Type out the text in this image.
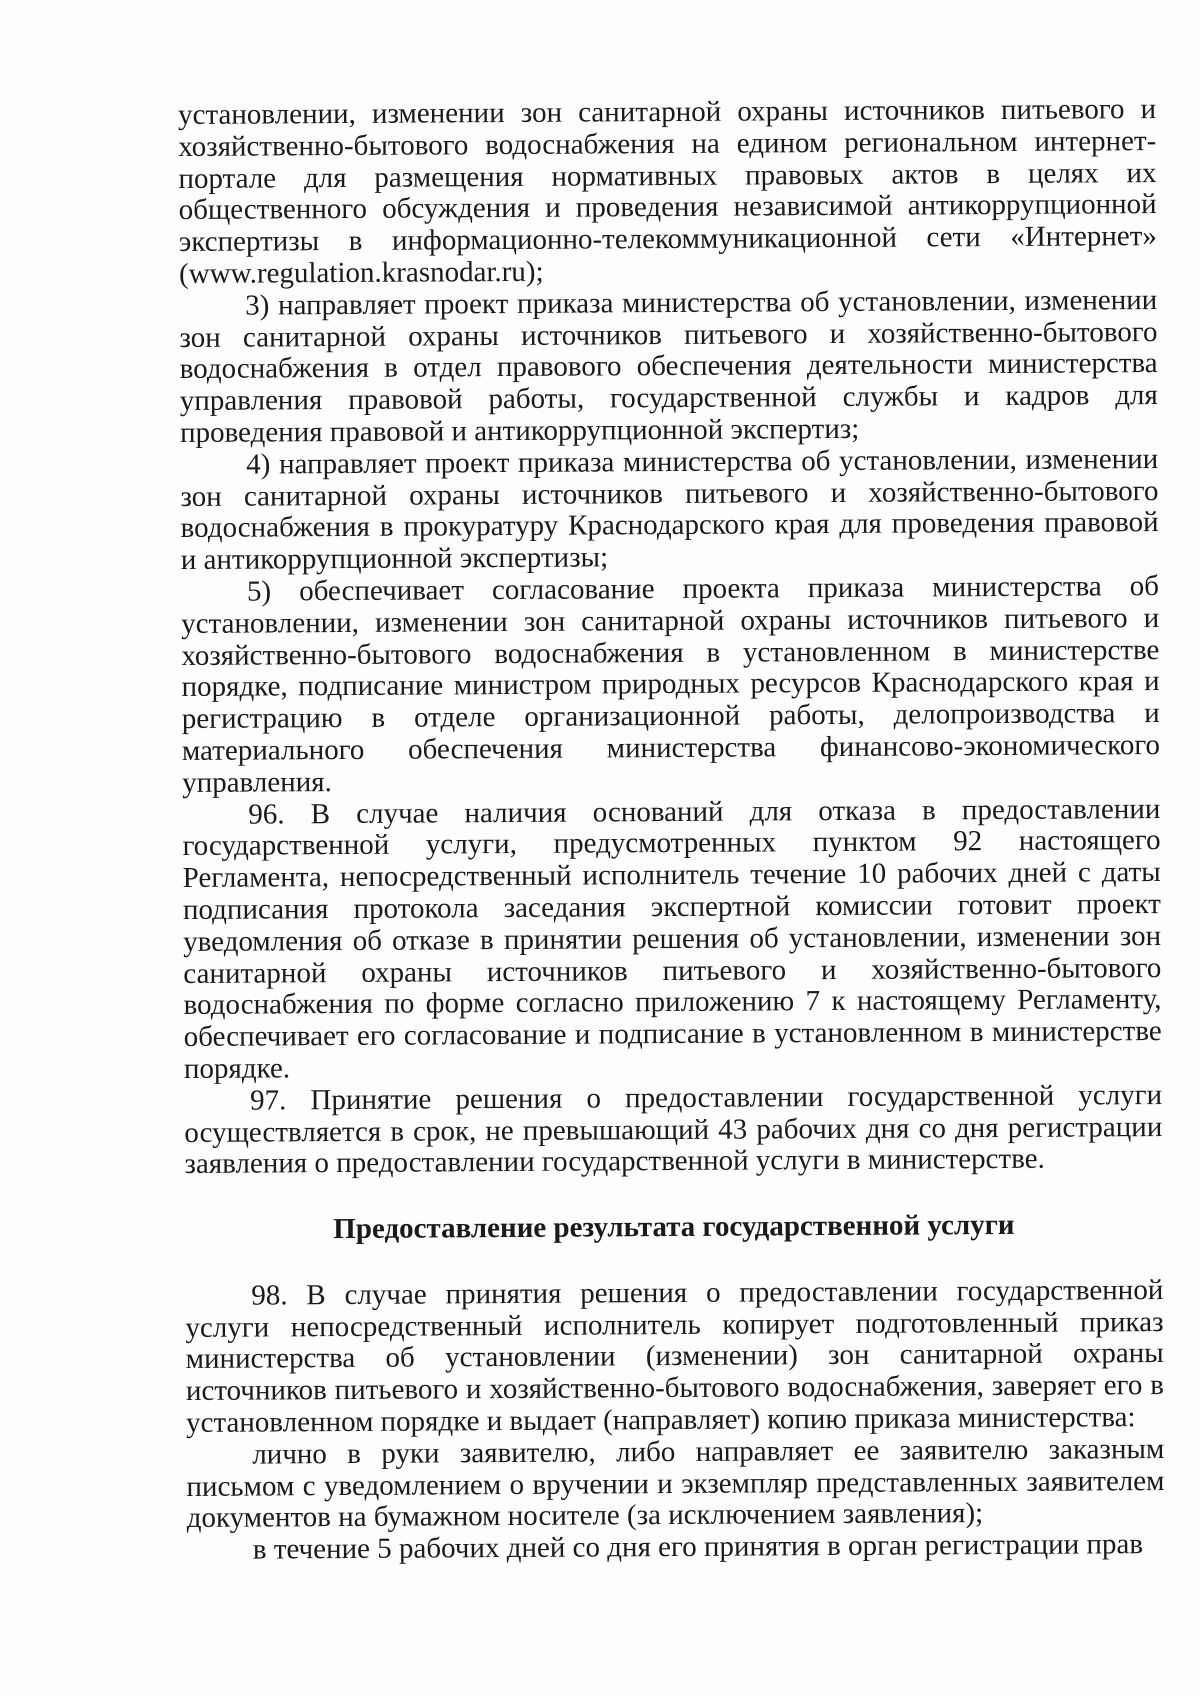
установлении, изменении зон санитарной охраны источников питьевого и хозяйственно-бытового водоснабжения на едином региональном интернет-портале для размещения нормативных правовых актов в целях их общественного обсуждения и проведения независимой антикоррупционной экспертизы в информационно-телекоммуникационной сети «Интернет» (www.regulation.krasnodar.ru);

3) направляет проект приказа министерства об установлении, изменении зон санитарной охраны источников питьевого и хозяйственно-бытового водоснабжения в отдел правового обеспечения деятельности министерства управления правовой работы, государственной службы и кадров для проведения правовой и антикоррупционной экспертиз;

4) направляет проект приказа министерства об установлении, изменении зон санитарной охраны источников питьевого и хозяйственно-бытового водоснабжения в прокуратуру Краснодарского края для проведения правовой и антикоррупционной экспертизы;

5) обеспечивает согласование проекта приказа министерства об установлении, изменении зон санитарной охраны источников питьевого и хозяйственно-бытового водоснабжения в установленном в министерстве порядке, подписание министром природных ресурсов Краснодарского края и регистрацию в отделе организационной работы, делопроизводства и материального обеспечения министерства финансово-экономического управления.

96. В случае наличия оснований для отказа в предоставлении государственной услуги, предусмотренных пунктом 92 настоящего Регламента, непосредственный исполнитель течение 10 рабочих дней с даты подписания протокола заседания экспертной комиссии готовит проект уведомления об отказе в принятии решения об установлении, изменении зон санитарной охраны источников питьевого и хозяйственно-бытового водоснабжения по форме согласно приложению 7 к настоящему Регламенту, обеспечивает его согласование и подписание в установленном в министерстве порядке.

97. Принятие решения о предоставлении государственной услуги осуществляется в срок, не превышающий 43 рабочих дня со дня регистрации заявления о предоставлении государственной услуги в министерстве.

Предоставление результата государственной услуги

98. В случае принятия решения о предоставлении государственной услуги непосредственный исполнитель копирует подготовленный приказ министерства об установлении (изменении) зон санитарной охраны источников питьевого и хозяйственно-бытового водоснабжения, заверяет его в установленном порядке и выдает (направляет) копию приказа министерства:

лично в руки заявителю, либо направляет ее заявителю заказным письмом с уведомлением о вручении и экземпляр представленных заявителем документов на бумажном носителе (за исключением заявления);

в течение 5 рабочих дней со дня его принятия в орган регистрации прав
